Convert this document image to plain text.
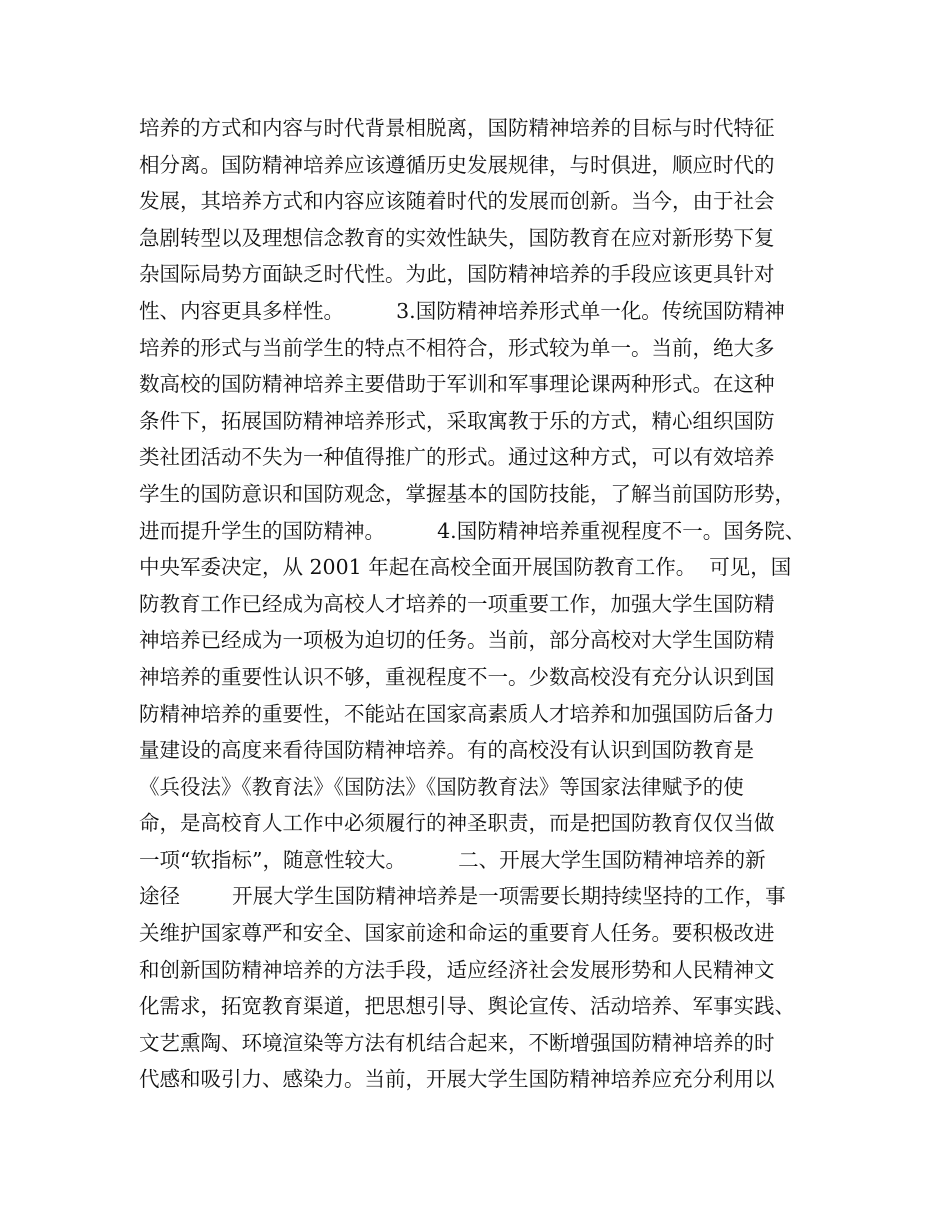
培养的方式和内容与时代背景相脱离，国防精神培养的目标与时代特征
相分离。国防精神培养应该遵循历史发展规律，与时俱进，顺应时代的
发展，其培养方式和内容应该随着时代的发展而创新。当今，由于社会
急剧转型以及理想信念教育的实效性缺失，国防教育在应对新形势下复
杂国际局势方面缺乏时代性。为此，国防精神培养的手段应该更具针对
性、内容更具多样性。        3.国防精神培养形式单一化。传统国防精神
培养的形式与当前学生的特点不相符合，形式较为单一。当前，绝大多
数高校的国防精神培养主要借助于军训和军事理论课两种形式。在这种
条件下，拓展国防精神培养形式，采取寓教于乐的方式，精心组织国防
类社团活动不失为一种值得推广的形式。通过这种方式，可以有效培养
学生的国防意识和国防观念，掌握基本的国防技能，了解当前国防形势，
进而提升学生的国防精神。        4.国防精神培养重视程度不一。国务院、
中央军委决定，从 2001 年起在高校全面开展国防教育工作。  可见，国
防教育工作已经成为高校人才培养的一项重要工作，加强大学生国防精
神培养已经成为一项极为迫切的任务。当前，部分高校对大学生国防精
神培养的重要性认识不够，重视程度不一。少数高校没有充分认识到国
防精神培养的重要性，不能站在国家高素质人才培养和加强国防后备力
量建设的高度来看待国防精神培养。有的高校没有认识到国防教育是
《兵役法》《教育法》《国防法》《国防教育法》等国家法律赋予的使
命，是高校育人工作中必须履行的神圣职责，而是把国防教育仅仅当做
一项“软指标”，随意性较大。        二、开展大学生国防精神培养的新
途径        开展大学生国防精神培养是一项需要长期持续坚持的工作，事
关维护国家尊严和安全、国家前途和命运的重要育人任务。要积极改进
和创新国防精神培养的方法手段，适应经济社会发展形势和人民精神文
化需求，拓宽教育渠道，把思想引导、舆论宣传、活动培养、军事实践、
文艺熏陶、环境渲染等方法有机结合起来，不断增强国防精神培养的时
代感和吸引力、感染力。当前，开展大学生国防精神培养应充分利用以
